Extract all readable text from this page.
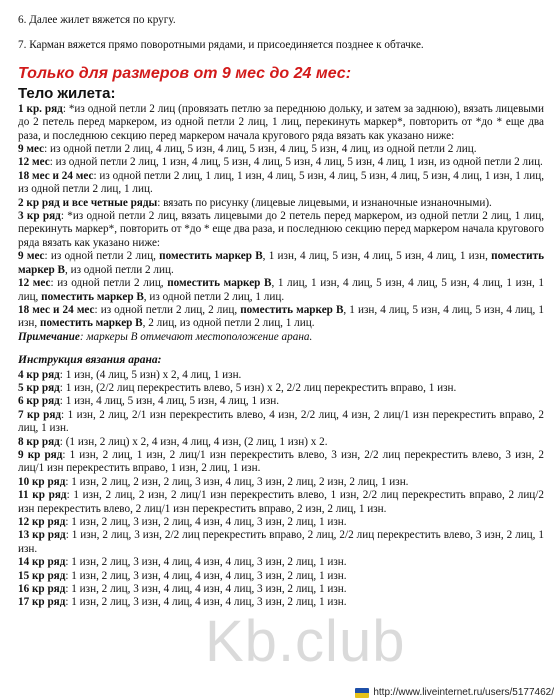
6. Далее жилет вяжется по кругу.

7. Карман вяжется прямо поворотными рядами, и присоединяется позднее к обтачке.

Только для размеров от 9 мес до 24 мес:
Тело жилета:

1 кр. ряд: *из одной петли 2 лиц (провязать петлю за переднюю дольку, и затем за заднюю), вязать лицевыми до 2 петель перед маркером, из одной петли 2 лиц, 1 лиц, перекинуть маркер*, повторить от *до * еще два раза, и последнюю секцию перед маркером начала кругового ряда вязать как указано ниже:

9 мес: из одной петли 2 лиц, 4 лиц, 5 изн, 4 лиц, 5 изн, 4 лиц, 5 изн, 4 лиц, из одной петли 2 лиц.

12 мес: из одной петли 2 лиц, 1 изн, 4 лиц, 5 изн, 4 лиц, 5 изн, 4 лиц, 5 изн, 4 лиц, 1 изн, из одной петли 2 лиц.

18 мес и 24 мес: из одной петли 2 лиц, 1 лиц, 1 изн, 4 лиц, 5 изн, 4 лиц, 5 изн, 4 лиц, 5 изн, 4 лиц, 1 изн, 1 лиц, из одной петли 2 лиц, 1 лиц.

2 кр ряд и все четные ряды: вязать по рисунку (лицевые лицевыми, и изнаночные изнаночными).

3 кр ряд: *из одной петли 2 лиц, вязать лицевыми до 2 петель перед маркером, из одной петли 2 лиц, 1 лиц, перекинуть маркер*, повторить от *до * еще два раза, и последнюю секцию перед маркером начала кругового ряда вязать как указано ниже:

9 мес: из одной петли 2 лиц, поместить маркер В, 1 изн, 4 лиц, 5 изн, 4 лиц, 5 изн, 4 лиц, 1 изн, поместить маркер В, из одной петли 2 лиц.

12 мес: из одной петли 2 лиц, поместить маркер В, 1 лиц, 1 изн, 4 лиц, 5 изн, 4 лиц, 5 изн, 4 лиц, 1 изн, 1 лиц, поместить маркер В, из одной петли 2 лиц, 1 лиц.

18 мес и 24 мес: из одной петли 2 лиц, 2 лиц, поместить маркер В, 1 изн, 4 лиц, 5 изн, 4 лиц, 5 изн, 4 лиц, 1 изн, поместить маркер В, 2 лиц, из одной петли 2 лиц, 1 лиц.

Примечание: маркеры В отмечают местоположение арана.

Инструкция вязания арана:

4 кр ряд: 1 изн, (4 лиц, 5 изн) х 2, 4 лиц, 1 изн.

5 кр ряд: 1 изн, (2/2 лиц перекрестить влево, 5 изн) х 2, 2/2 лиц перекрестить вправо, 1 изн.

6 кр ряд: 1 изн, 4 лиц, 5 изн, 4 лиц, 5 изн, 4 лиц, 1 изн.

7 кр ряд: 1 изн, 2 лиц, 2/1 изн перекрестить влево, 4 изн, 2/2 лиц, 4 изн, 2 лиц/1 изн перекрестить вправо, 2 лиц, 1 изн.

8 кр ряд: (1 изн, 2 лиц) х 2, 4 изн, 4 лиц, 4 изн, (2 лиц, 1 изн) х 2.

9 кр ряд: 1 изн, 2 лиц, 1 изн, 2 лиц/1 изн перекрестить влево, 3 изн, 2/2 лиц перекрестить влево, 3 изн, 2 лиц/1 изн перекрестить вправо, 1 изн, 2 лиц, 1 изн.

10 кр ряд: 1 изн, 2 лиц, 2 изн, 2 лиц, 3 изн, 4 лиц, 3 изн, 2 лиц, 2 изн, 2 лиц, 1 изн.

11 кр ряд: 1 изн, 2 лиц, 2 изн, 2 лиц/1 изн перекрестить влево, 1 изн, 2/2 лиц перекрестить вправо, 2 лиц/2 изн перекрестить влево, 2 лиц/1 изн перекрестить вправо, 2 изн, 2 лиц, 1 изн.

12 кр ряд: 1 изн, 2 лиц, 3 изн, 2 лиц, 4 изн, 4 лиц, 3 изн, 2 лиц, 1 изн.

13 кр ряд: 1 изн, 2 лиц, 3 изн, 2/2 лиц перекрестить вправо, 2 лиц, 2/2 лиц перекрестить влево, 3 изн, 2 лиц, 1 изн.

14 кр ряд: 1 изн, 2 лиц, 3 изн, 4 лиц, 4 изн, 4 лиц, 3 изн, 2 лиц, 1 изн.

15 кр ряд: 1 изн, 2 лиц, 3 изн, 4 лиц, 4 изн, 4 лиц, 3 изн, 2 лиц, 1 изн.

16 кр ряд: 1 изн, 2 лиц, 3 изн, 4 лиц, 4 изн, 4 лиц, 3 изн, 2 лиц, 1 изн.

17 кр ряд: 1 изн, 2 лиц, 3 изн, 4 лиц, 4 изн, 4 лиц, 3 изн, 2 лиц, 1 изн.

Kb.club
http://www.liveinternet.ru/users/5177462/
